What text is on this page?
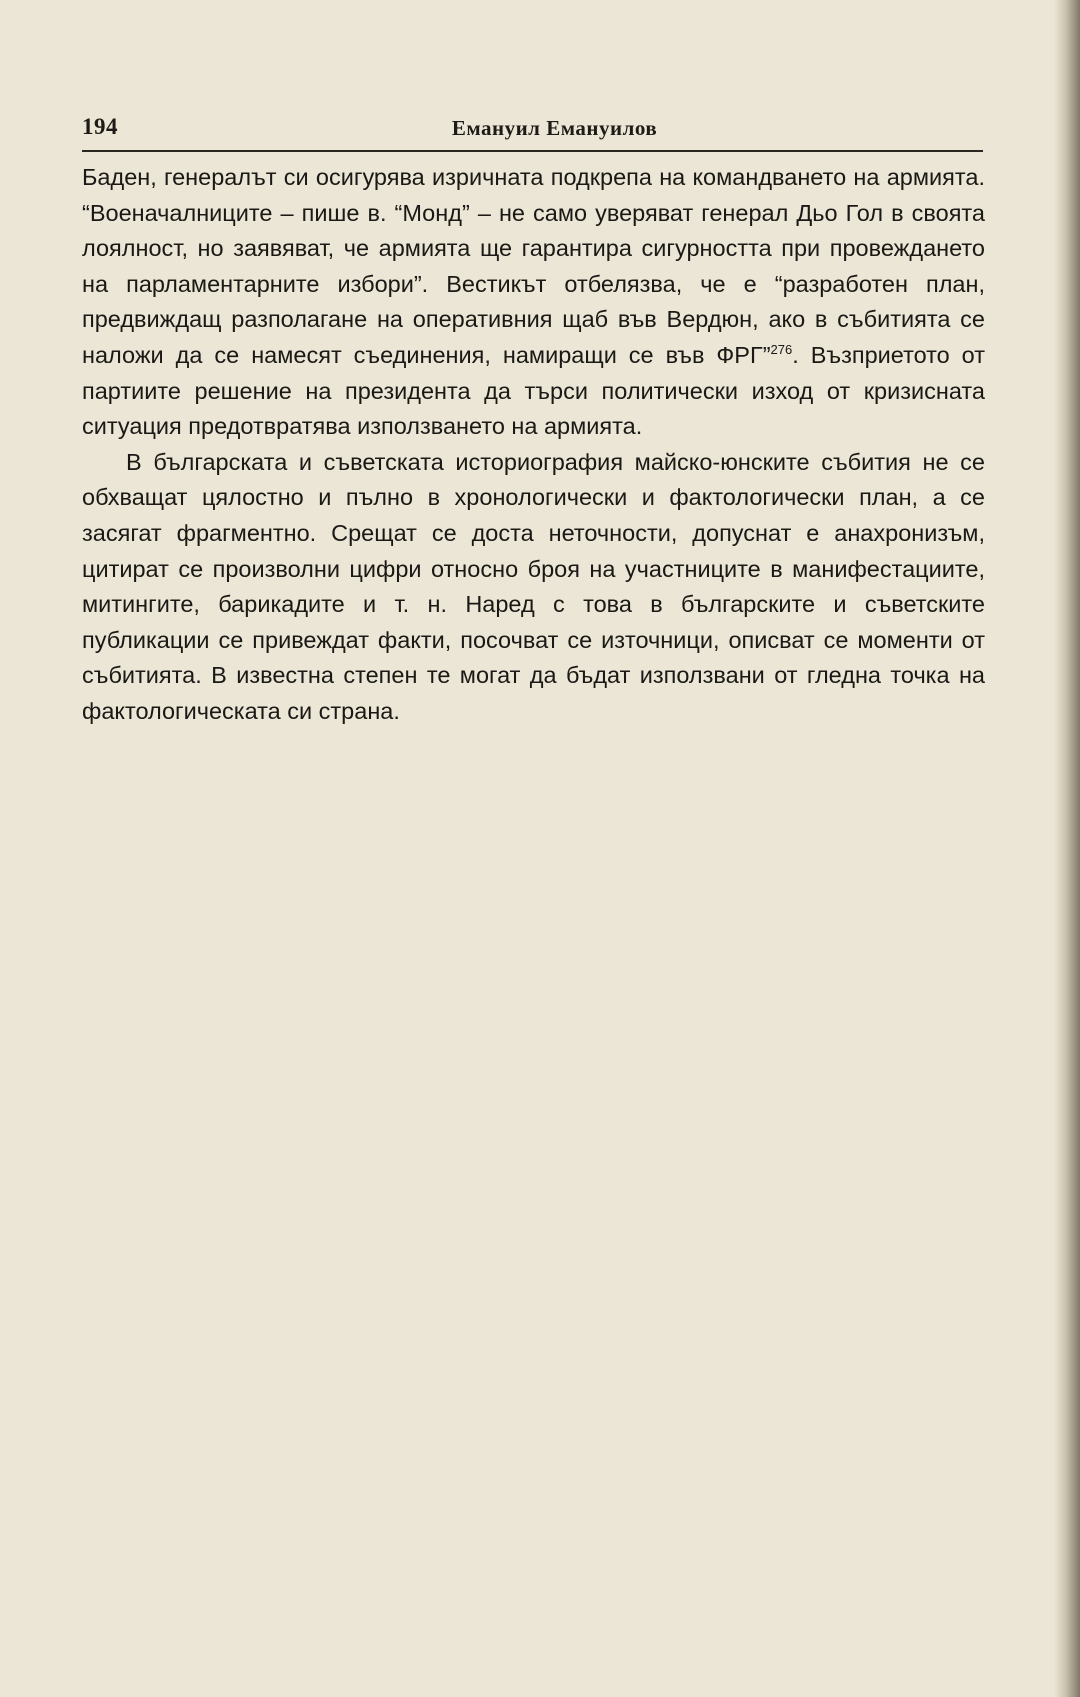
194	Емануил Емануилов

Баден, генералът си осигурява изричната подкрепа на командването на армията. “Военачалниците – пише в. “Монд” – не само уверяват генерал Дьо Гол в своята лоялност, но заявяват, че армията ще гарантира сигурността при провеждането на парламентарните избори”. Вестикът отбелязва, че е “разработен план, предвиждащ разполагане на оперативния щаб във Вердюн, ако в събитията се наложи да се намесят съединения, намиращи се във ФРГ”$^{276}$. Възприетото от партиите решение на президента да търси политически изход от кризисната ситуация предотвратява използването на армията.

В българската и съветската историография майско-юнските събития не се обхващат цялостно и пълно в хронологически и фактологически план, а се засягат фрагментно. Срещат се доста неточности, допуснат е анахронизъм, цитират се произволни цифри относно броя на участниците в манифестациите, митингите, барикадите и т. н. Наред с това в българските и съветските публикации се привеждат факти, посочват се източници, описват се моменти от събитията. В известна степен те могат да бъдат използвани от гледна точка на фактологическата си страна.
